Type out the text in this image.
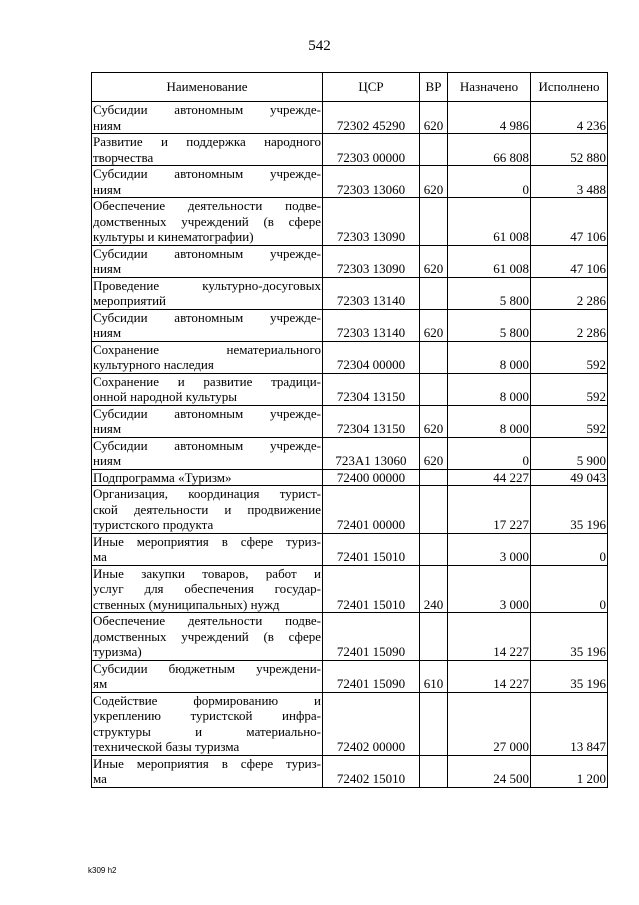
542
Наименование	ЦСР	ВР	Назначено	Исполнено

Субсидии автономным учрежде-
ниям	72302 45290	620	4 986	4 236

Развитие и поддержка народного
творчества	72303 00000		66 808	52 880

Субсидии автономным учрежде-
ниям	72303 13060	620	0	3 488

Обеспечение деятельности подве-
домственных учреждений (в сфере
культуры и кинематографии)	72303 13090		61 008	47 106

Субсидии автономным учрежде-
ниям	72303 13090	620	61 008	47 106

Проведение культурно-досуговых
мероприятий	72303 13140		5 800	2 286

Субсидии автономным учрежде-
ниям	72303 13140	620	5 800	2 286

Сохранение нематериального
культурного наследия	72304 00000		8 000	592

Сохранение и развитие традици-
онной народной культуры	72304 13150		8 000	592

Субсидии автономным учрежде-
ниям	72304 13150	620	8 000	592

Субсидии автономным учрежде-
ниям	723A1 13060	620	0	5 900

Подпрограмма «Туризм»	72400 00000		44 227	49 043

Организация, координация турист-
ской деятельности и продвижение
туристского продукта	72401 00000		17 227	35 196

Иные мероприятия в сфере туриз-
ма	72401 15010		3 000	0

Иные закупки товаров, работ и
услуг для обеспечения государ-
ственных (муниципальных) нужд	72401 15010	240	3 000	0

Обеспечение деятельности подве-
домственных учреждений (в сфере
туризма)	72401 15090		14 227	35 196

Субсидии бюджетным учреждени-
ям	72401 15090	610	14 227	35 196

Содействие формированию и
укреплению туристской инфра-
структуры и материально-
технической базы туризма	72402 00000		27 000	13 847

Иные мероприятия в сфере туриз-
ма	72402 15010		24 500	1 200
k309 h2
